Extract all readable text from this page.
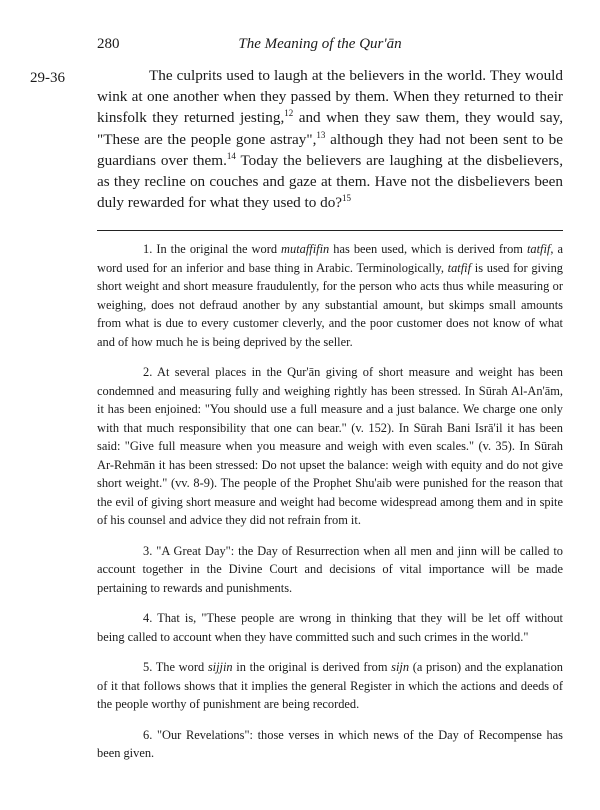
280	The Meaning of the Qur'ān
29-36	The culprits used to laugh at the believers in the world. They would wink at one another when they passed by them. When they returned to their kinsfolk they returned jesting,$^{12}$ and when they saw them, they would say, "These are the people gone astray",$^{13}$ although they had not been sent to be guardians over them.$^{14}$ Today the believers are laughing at the disbelievers, as they recline on couches and gaze at them. Have not the disbelievers been duly rewarded for what they used to do?$^{15}$

1. In the original the word mutaffifin has been used, which is derived from tatfif, a word used for an inferior and base thing in Arabic. Terminologically, tatfif is used for giving short weight and short measure fraudulently, for the person who acts thus while measuring or weighing, does not defraud another by any substantial amount, but skimps small amounts from what is due to every customer cleverly, and the poor customer does not know of what and of how much he is being deprived by the seller.

2. At several places in the Qur'ān giving of short measure and weight has been condemned and measuring fully and weighing rightly has been stressed. In Sūrah Al-An'ām, it has been enjoined: "You should use a full measure and a just balance. We charge one only with that much responsibility that one can bear." (v. 152). In Sūrah Bani Isrā'il it has been said: "Give full measure when you measure and weigh with even scales." (v. 35). In Sūrah Ar-Rehmān it has been stressed: Do not upset the balance: weigh with equity and do not give short weight." (vv. 8-9). The people of the Prophet Shu'aib were punished for the reason that the evil of giving short measure and weight had become widespread among them and in spite of his counsel and advice they did not refrain from it.

3. "A Great Day": the Day of Resurrection when all men and jinn will be called to account together in the Divine Court and decisions of vital importance will be made pertaining to rewards and punishments.

4. That is, "These people are wrong in thinking that they will be let off without being called to account when they have committed such and such crimes in the world."

5. The word sijjin in the original is derived from sijn (a prison) and the explanation of it that follows shows that it implies the general Register in which the actions and deeds of the people worthy of punishment are being recorded.

6. "Our Revelations": those verses in which news of the Day of Recompense has been given.
